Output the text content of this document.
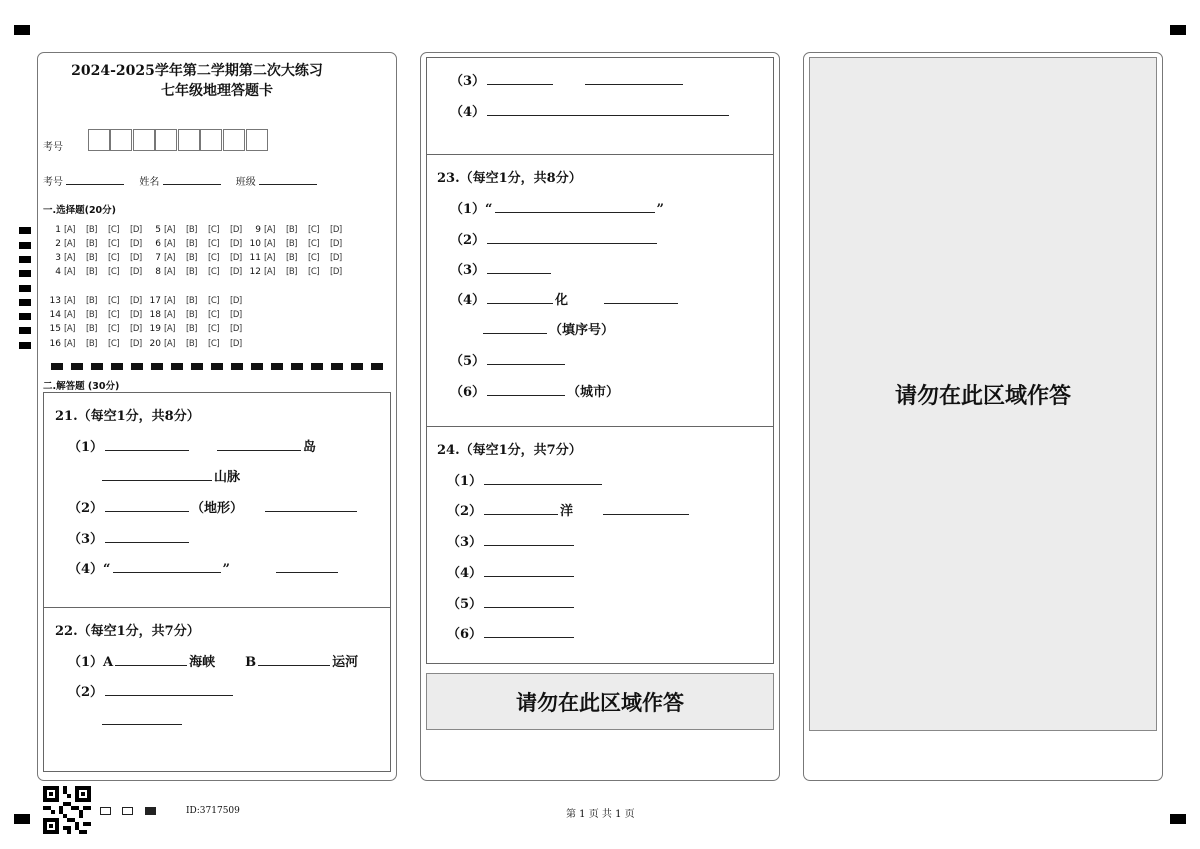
2024-2025学年第二学期第二次大练习
七年级地理答题卡
考号
考号	姓名	班级
一.选择题(20分)
1 [A] [B] [C] [D]
2 [A] [B] [C] [D]
3 [A] [B] [C] [D]
4 [A] [B] [C] [D]
5 [A] [B] [C] [D]
6 [A] [B] [C] [D]
7 [A] [B] [C] [D]
8 [A] [B] [C] [D]
9 [A] [B] [C] [D]
10 [A] [B] [C] [D]
11 [A] [B] [C] [D]
12 [A] [B] [C] [D]
13 [A] [B] [C] [D]
14 [A] [B] [C] [D]
15 [A] [B] [C] [D]
16 [A] [B] [C] [D]
17 [A] [B] [C] [D]
18 [A] [B] [C] [D]
19 [A] [B] [C] [D]
20 [A] [B] [C] [D]
二.解答题 (30分)
21.（每空1分，共8分）
（1）	岛
山脉
（2）	（地形）
（3）
（4）“	”
22.（每空1分，共7分）
（1）A	海峡 B	运河
（2）
（3）
（4）
23.（每空1分，共8分）
（1）“	”
（2）
（3）
（4）	化
（填序号）
（5）
（6）	（城市）
24.（每空1分，共7分）
（1）
（2）	洋
（3）
（4）
（5）
（6）
请勿在此区域作答
请勿在此区域作答
ID:3717509	第 1 页 共 1 页
